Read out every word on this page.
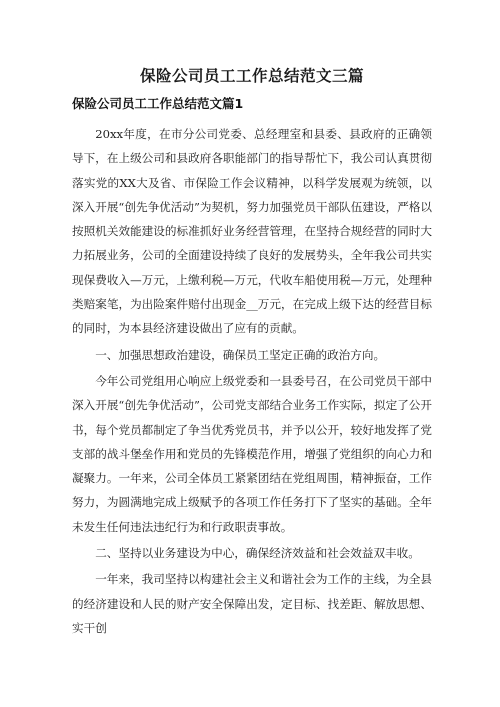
保险公司员工工作总结范文三篇
保险公司员工工作总结范文篇1

20xx年度，在市分公司党委、总经理室和县委、县政府的正确领导下，在上级公司和县政府各职能部门的指导帮忙下，我公司认真贯彻落实党的XX大及省、市保险工作会议精神，以科学发展观为统领，以深入开展“创先争优活动”为契机，努力加强党员干部队伍建设，严格以按照机关效能建设的标准抓好业务经营管理，在坚持合规经营的同时大力拓展业务，公司的全面建设持续了良好的发展势头，全年我公司共实现保费收入—万元，上缴利税—万元，代收车船使用税—万元，处理种类赔案笔，为出险案件赔付出现金__万元，在完成上级下达的经营目标的同时，为本县经济建设做出了应有的贡献。

一、加强思想政治建设，确保员工坚定正确的政治方向。

今年公司党组用心响应上级党委和一县委号召，在公司党员干部中深入开展“创先争优活动”，公司党支部结合业务工作实际，拟定了公开书，每个党员都制定了争当优秀党员书，并予以公开，较好地发挥了党支部的战斗堡垒作用和党员的先锋模范作用，增强了党组织的向心力和凝聚力。一年来，公司全体员工紧紧团结在党组周围，精神振奋，工作努力，为圆满地完成上级赋予的各项工作任务打下了坚实的基础。全年未发生任何违法违纪行为和行政职责事故。

二、坚持以业务建设为中心，确保经济效益和社会效益双丰收。

一年来，我司坚持以构建社会主义和谐社会为工作的主线，为全县的经济建设和人民的财产安全保障出发，定目标、找差距、解放思想、实干创
